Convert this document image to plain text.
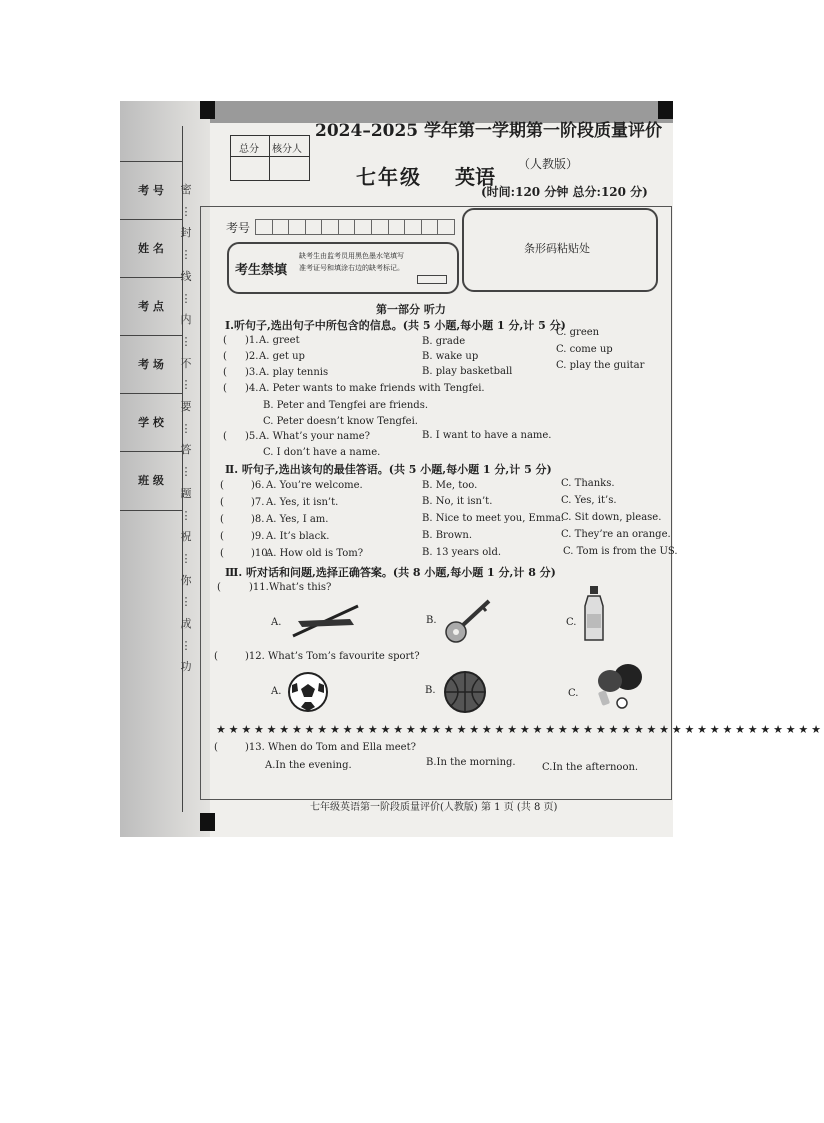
考 号
姓 名
考 点
考 场
学 校
班 级
密
⋮
封
⋮
线
⋮
内
⋮
不
⋮
要
⋮
答
⋮
题
⋮
祝
⋮
你
⋮
成
⋮
功
总分 核分人
2024–2025 学年第一学期第一阶段质量评价
七年级 英语
（人教版）
(时间:120 分钟 总分:120 分)
考号
考生禁填
缺考生由监考员用黑色墨水笔填写准考证号和填涂右边的缺考标记。
条形码粘贴处
第一部分 听力
Ⅰ.听句子,选出句子中所包含的信息。(共 5 小题,每小题 1 分,计 5 分)
( )1. A. greet	B. grade
C. green
( )2. A. get up	B. wake up
C. come up
( )3. A. play tennis	B. play basketball
C. play the guitar
( )4. A. Peter wants to make friends with Tengfei.
B. Peter and Tengfei are friends.
C. Peter doesn’t know Tengfei.
( )5. A. What’s your name?	B. I want to have a name.
C. I don’t have a name.
Ⅱ. 听句子,选出该句的最佳答语。(共 5 小题,每小题 1 分,计 5 分)
(	)6. A. You’re welcome.	B. Me, too.	C. Thanks.
(	)7. A. Yes, it isn’t.	B. No, it isn’t.	C. Yes, it’s.
(	)8. A. Yes, I am.	B. Nice to meet you, Emma.
C. Sit down, please.
(	)9. A. It’s black.	B. Brown.	C. They’re an orange.
(	)10.
A. How old is Tom?	B. 13 years old.	C. Tom is from the US.
Ⅲ. 听对话和问题,选择正确答案。(共 8 小题,每小题 1 分,计 8 分)
(	)11. What’s this?
A.	B.	C.
(	)12. What’s Tom’s favourite sport?
A.	B.	C.
★★★★★★★★★★★★★★★★★★★★★★★★★★★★★★★★★★★★★★★★★★★★★★★★
(	)13. When do Tom and Ella meet?
A.In the evening.	B.In the morning.	C.In the afternoon.
七年级英语第一阶段质量评价(人教版) 第 1 页 (共 8 页)
